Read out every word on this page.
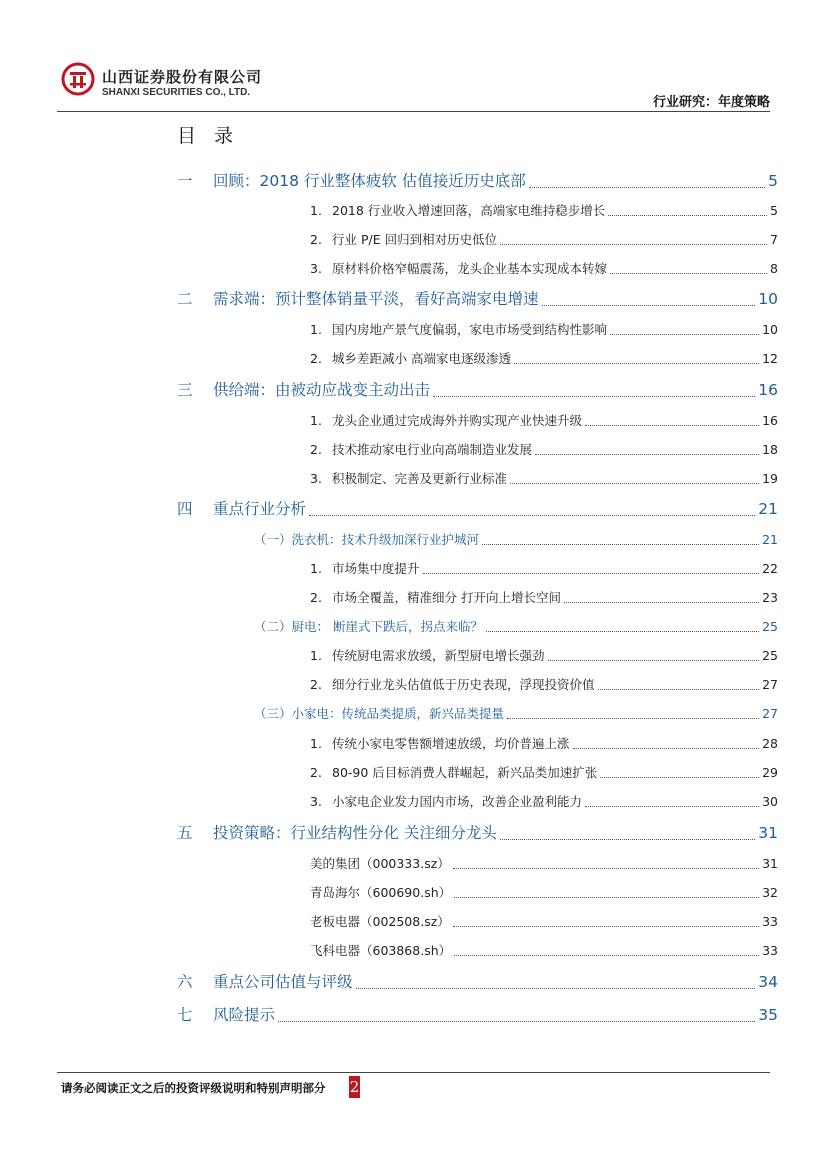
山西证券股份有限公司
SHANXI SECURITIES CO., LTD.
行业研究：年度策略
目 录
一	回顾：2018 行业整体疲软 估值接近历史底部	5
1. 2018 行业收入增速回落，高端家电维持稳步增长	5
2. 行业 P/E 回归到相对历史低位	7
3. 原材料价格窄幅震荡，龙头企业基本实现成本转嫁	8
二	需求端：预计整体销量平淡，看好高端家电增速	10
1. 国内房地产景气度偏弱，家电市场受到结构性影响	10
2. 城乡差距减小 高端家电逐级渗透	12
三	供给端：由被动应战变主动出击	16
1. 龙头企业通过完成海外并购实现产业快速升级	16
2. 技术推动家电行业向高端制造业发展	18
3. 积极制定、完善及更新行业标准	19
四	重点行业分析	21
（一）洗衣机：技术升级加深行业护城河	21
1. 市场集中度提升	22
2. 市场全覆盖，精准细分 打开向上增长空间	23
（二）厨电： 断崖式下跌后，拐点来临？	25
1. 传统厨电需求放缓，新型厨电增长强劲	25
2. 细分行业龙头估值低于历史表现，浮现投资价值	27
（三）小家电：传统品类提质，新兴品类提量	27
1. 传统小家电零售额增速放缓，均价普遍上涨	28
2. 80-90 后目标消费人群崛起，新兴品类加速扩张	29
3. 小家电企业发力国内市场，改善企业盈利能力	30
五	投资策略：行业结构性分化 关注细分龙头	31
美的集团（000333.sz）	31
青岛海尔（600690.sh）	32
老板电器（002508.sz）	33
飞科电器（603868.sh）	33
六	重点公司估值与评级	34
七	风险提示	35
请务必阅读正文之后的投资评级说明和特别声明部分 2
